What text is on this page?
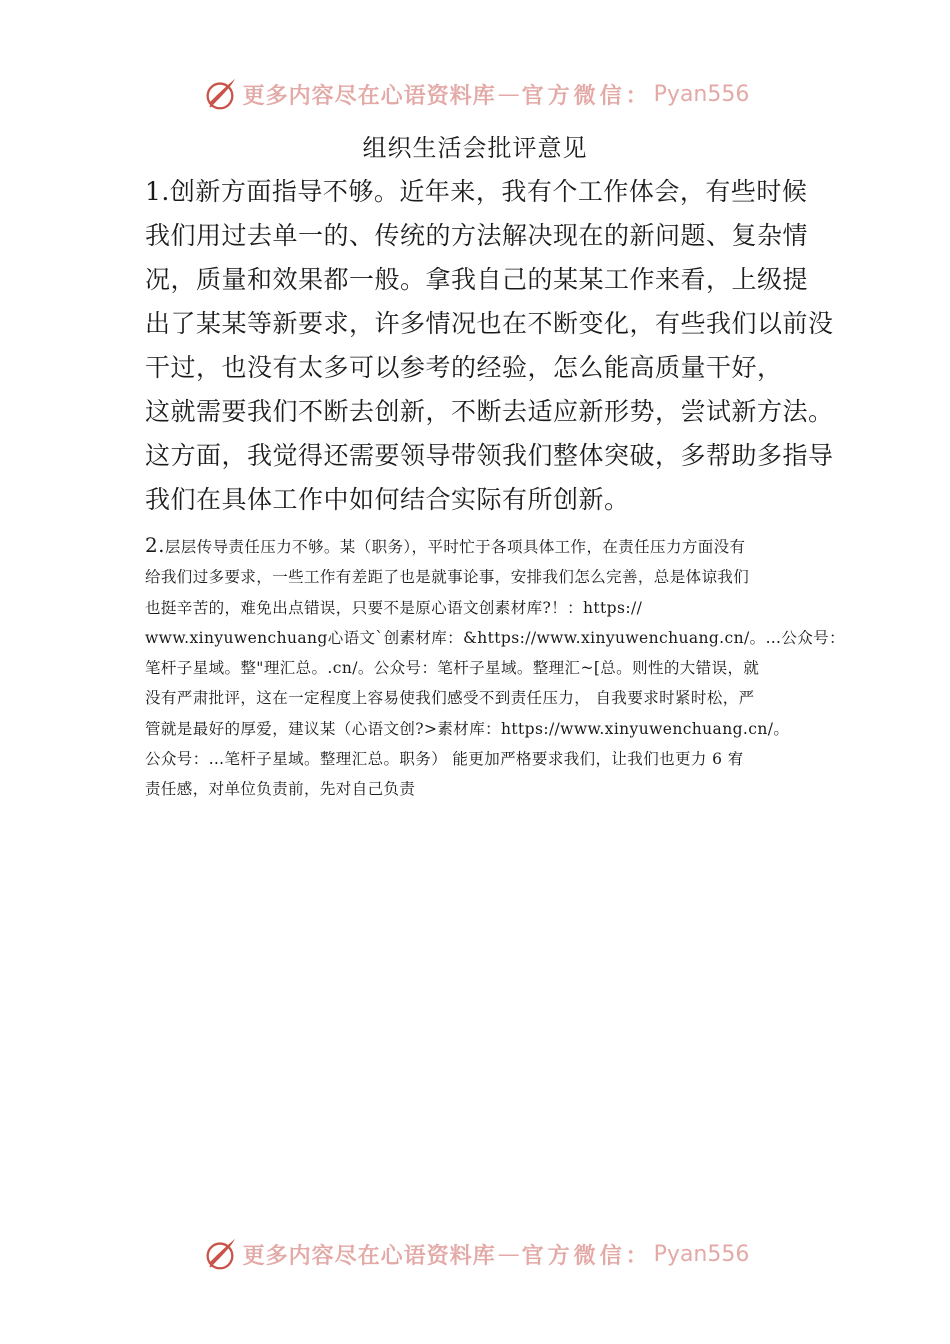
更多内容尽在心语资料库 — 官方微信： Pyan556
组织生活会批评意见
1.创新方面指导不够。近年来，我有个工作体会，有些时候
我们用过去单一的、传统的方法解决现在的新问题、复杂情
况，质量和效果都一般。拿我自己的某某工作来看，上级提
出了某某等新要求，许多情况也在不断变化，有些我们以前没
干过，也没有太多可以参考的经验，怎么能高质量干好，
这就需要我们不断去创新，不断去适应新形势，尝试新方法。
这方面，我觉得还需要领导带领我们整体突破，多帮助多指导
我们在具体工作中如何结合实际有所创新。
2.层层传导责任压力不够。某（职务），平时忙于各项具体工作，在责任压力方面没有
给我们过多要求，一些工作有差距了也是就事论事，安排我们怎么完善，总是体谅我们
也挺辛苦的，难免出点错误，只要不是原心语文创素材库?！：https://
www.xinyuwenchuang心语文`创素材库：&https://www.xinyuwenchuang.cn/。…公众号：
笔杆子星域。整"理汇总。.cn/。公众号：笔杆子星域。整理汇~[总。则性的大错误，就
没有严肃批评，这在一定程度上容易使我们感受不到责任压力， 自我要求时紧时松，严
管就是最好的厚爱，建议某（心语文创?>素材库：https://www.xinyuwenchuang.cn/。
公众号：…笔杆子星域。整理汇总。职务） 能更加严格要求我们，让我们也更力 6 宥
责任感，对单位负责前，先对自己负责
更多内容尽在心语资料库 — 官方微信： Pyan556
